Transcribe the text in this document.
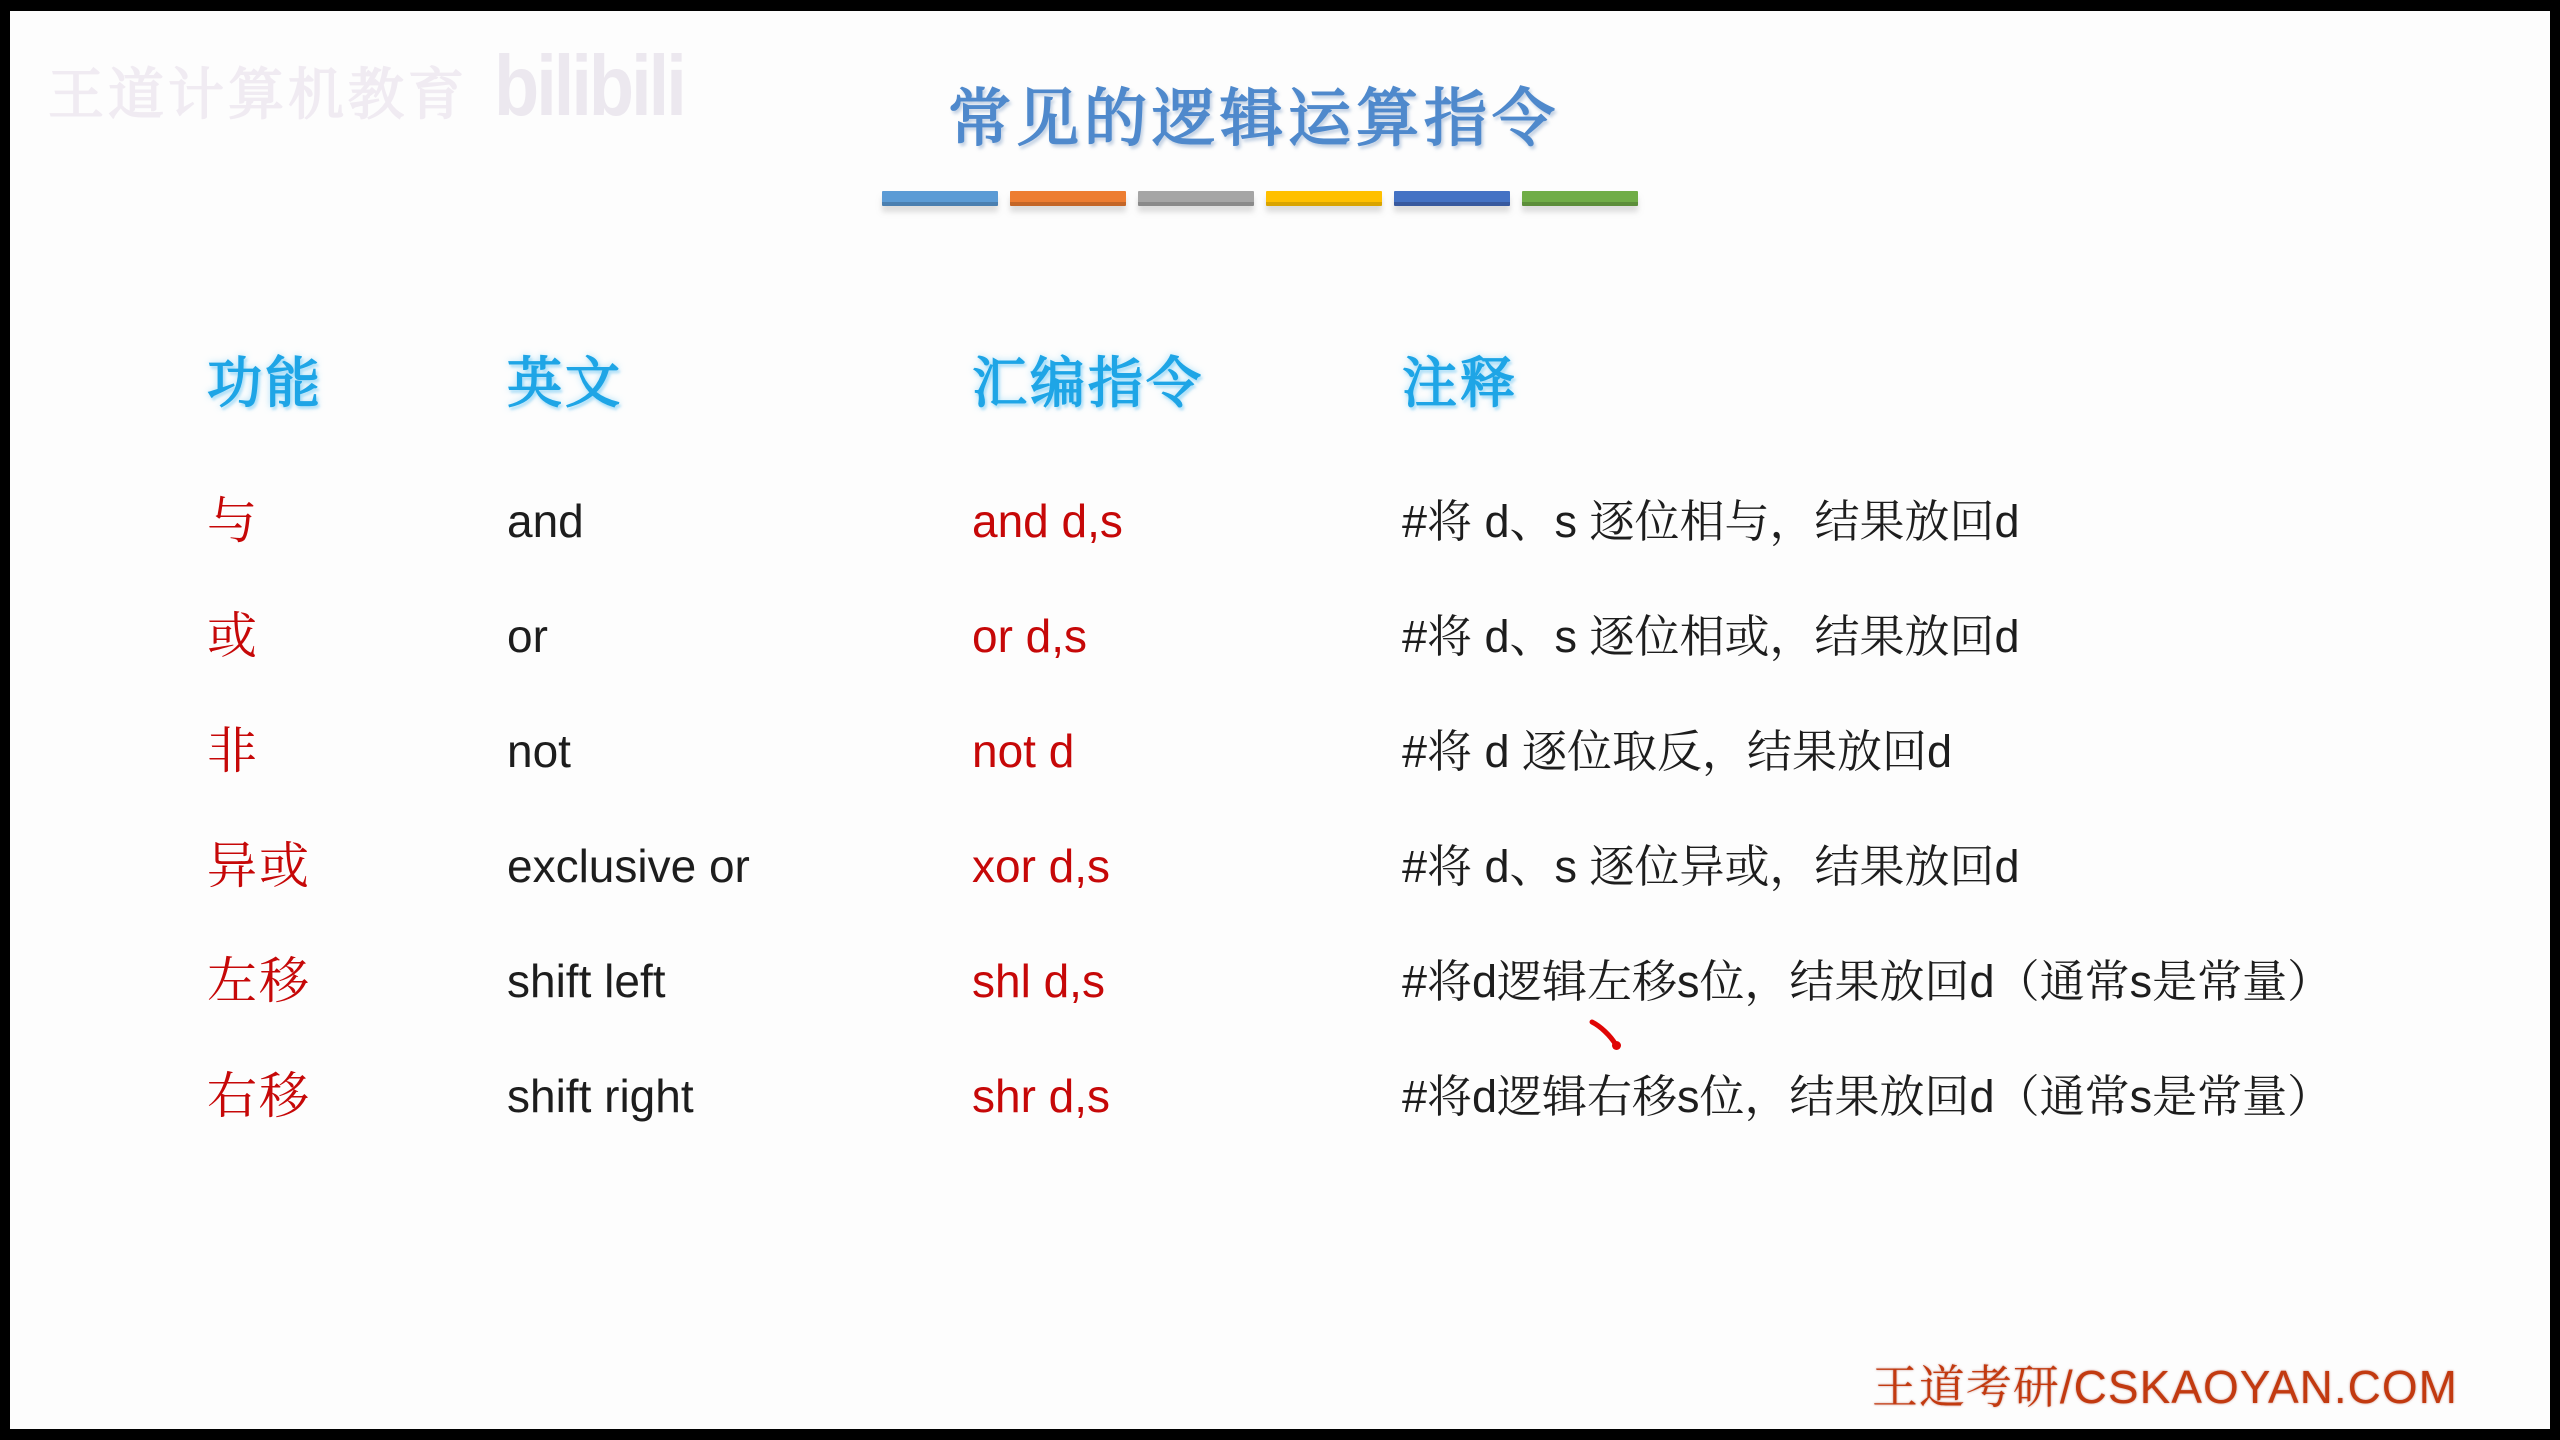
王道计算机教育 bilibili	常见的逻辑运算指令
功能	英文	汇编指令	注释
与	and	and d,s	#将 d、s 逐位相与，结果放回d
或	or	or d,s	#将 d、s 逐位相或，结果放回d
非	not	not d	#将 d 逐位取反，结果放回d
异或	exclusive or	xor d,s	#将 d、s 逐位异或，结果放回d
左移	shift left	shl d,s	#将d逻辑左移s位，结果放回d（通常s是常量）
右移	shift right	shr d,s	#将d逻辑右移s位，结果放回d（通常s是常量）
王道考研/CSKAOYAN.COM
